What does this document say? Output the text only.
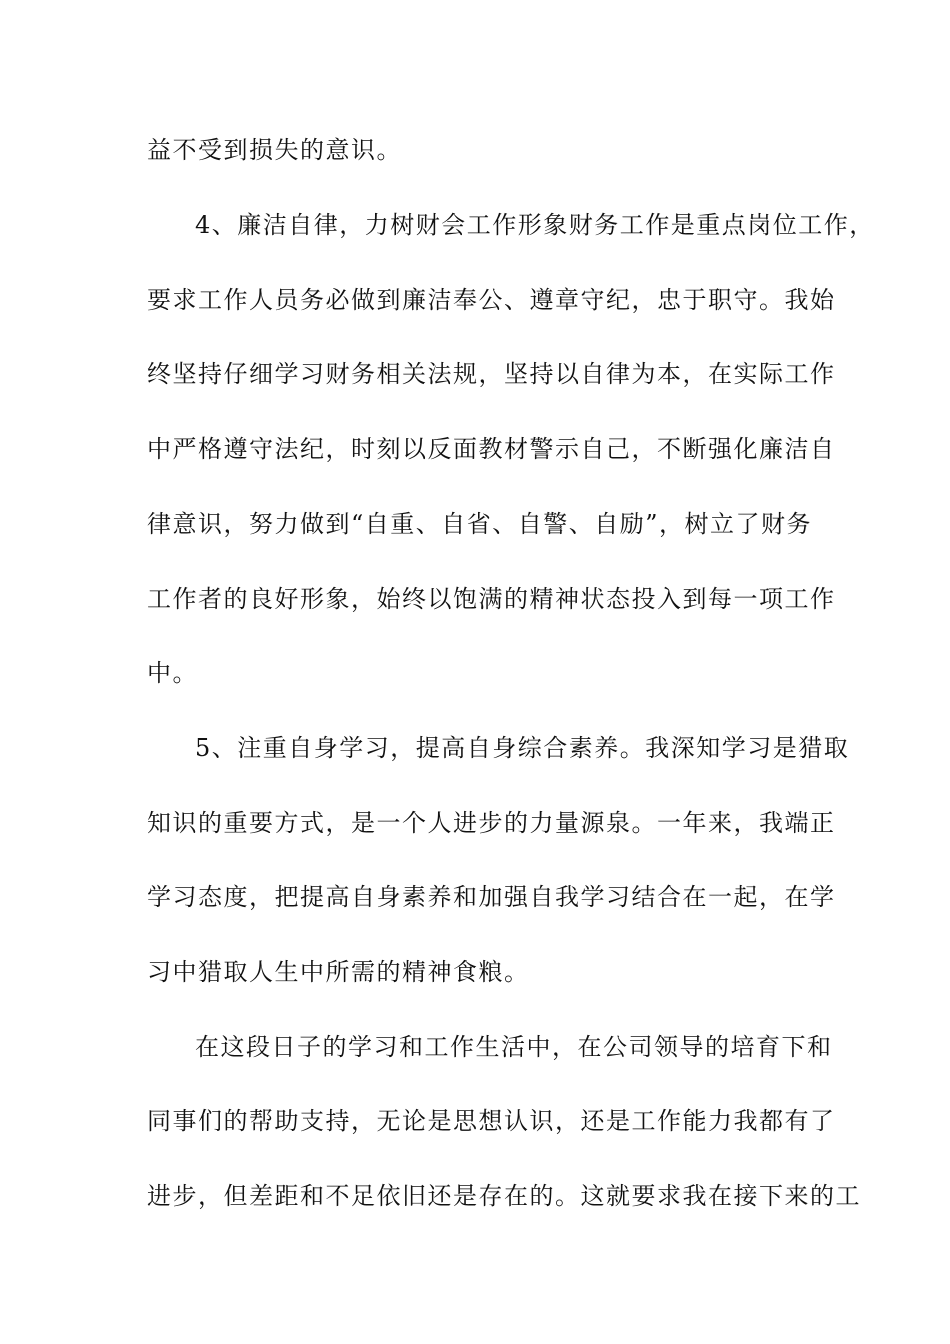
益不受到损失的意识。
4、廉洁自律，力树财会工作形象财务工作是重点岗位工作，
要求工作人员务必做到廉洁奉公、遵章守纪，忠于职守。我始
终坚持仔细学习财务相关法规，坚持以自律为本，在实际工作
中严格遵守法纪，时刻以反面教材警示自己，不断强化廉洁自
律意识，努力做到“自重、自省、自警、自励”，树立了财务
工作者的良好形象，始终以饱满的精神状态投入到每一项工作
中。
5、注重自身学习，提高自身综合素养。我深知学习是猎取
知识的重要方式，是一个人进步的力量源泉。一年来，我端正
学习态度，把提高自身素养和加强自我学习结合在一起，在学
习中猎取人生中所需的精神食粮。
在这段日子的学习和工作生活中，在公司领导的培育下和
同事们的帮助支持，无论是思想认识，还是工作能力我都有了
进步，但差距和不足依旧还是存在的。这就要求我在接下来的工
